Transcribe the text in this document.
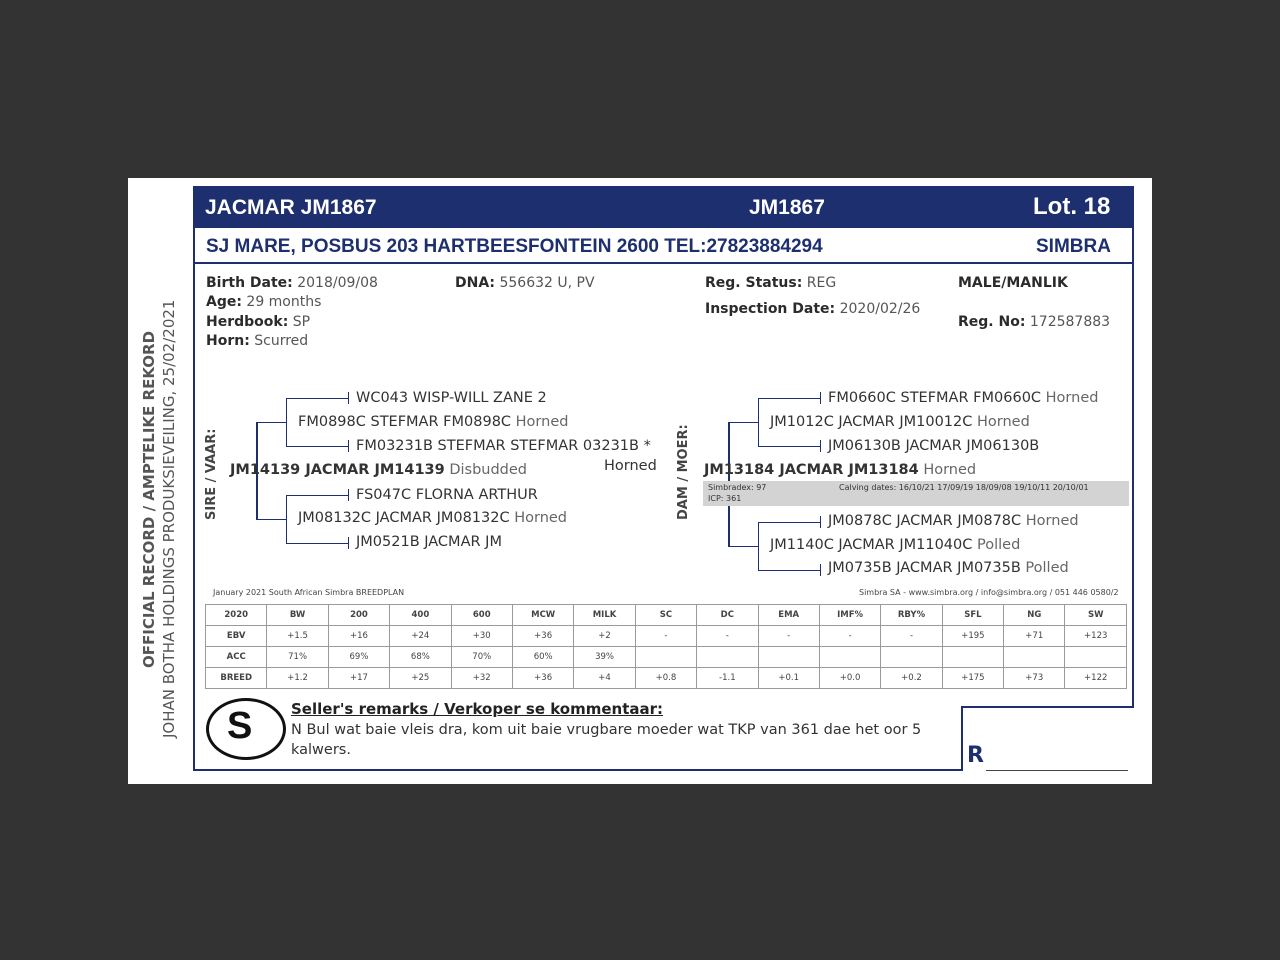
OFFICIAL RECORD / AMPTELIKE REKORD JOHAN BOTHA HOLDINGS PRODUKSIEVEILING, 25/02/2021
JACMAR JM1867	JM1867	Lot. 18
SJ MARE, POSBUS 203 HARTBEESFONTEIN 2600 TEL:27823884294	SIMBRA
Birth Date: 2018/09/08
Age: 29 months
Herdbook: SP
Horn: Scurred
DNA: 556632 U, PV	Reg. Status: REG
Inspection Date: 2020/02/26
MALE/MANLIK
Reg. No: 172587883
SIRE / VAAR:
WC043 WISP-WILL ZANE 2
FM0898C STEFMAR FM0898C Horned
FM03231B STEFMAR STEFMAR 03231B *
Horned
JM14139 JACMAR JM14139 Disbudded
FS047C FLORNA ARTHUR
JM08132C JACMAR JM08132C Horned
JM0521B JACMAR JM
DAM / MOER:
FM0660C STEFMAR FM0660C Horned
JM1012C JACMAR JM10012C Horned
JM06130B JACMAR JM06130B
JM13184 JACMAR JM13184 Horned
Simbradex: 97
ICP: 361
Calving dates: 16/10/21 17/09/19 18/09/08 19/10/11 20/10/01
JM0878C JACMAR JM0878C Horned
JM1140C JACMAR JM11040C Polled
JM0735B JACMAR JM0735B Polled
January 2021 South African Simbra BREEDPLAN	Simbra SA - www.simbra.org / info@simbra.org / 051 446 0580/2
2020	BW	200	400	600	MCW	MILK	SC	DC	EMA	IMF%	RBY%	SFL	NG	SW
EBV	+1.5	+16	+24	+30	+36	+2	-	-	-	-	-	+195	+71	+123
ACC	71%	69%	68%	70%	60%	39%								
BREED	+1.2	+17	+25	+32	+36	+4	+0.8	-1.1	+0.1	+0.0	+0.2	+175	+73	+122
S	Seller's remarks / Verkoper se kommentaar:
N Bul wat baie vleis dra, kom uit baie vrugbare moeder wat TKP van 361 dae het oor 5 kalwers.	R
